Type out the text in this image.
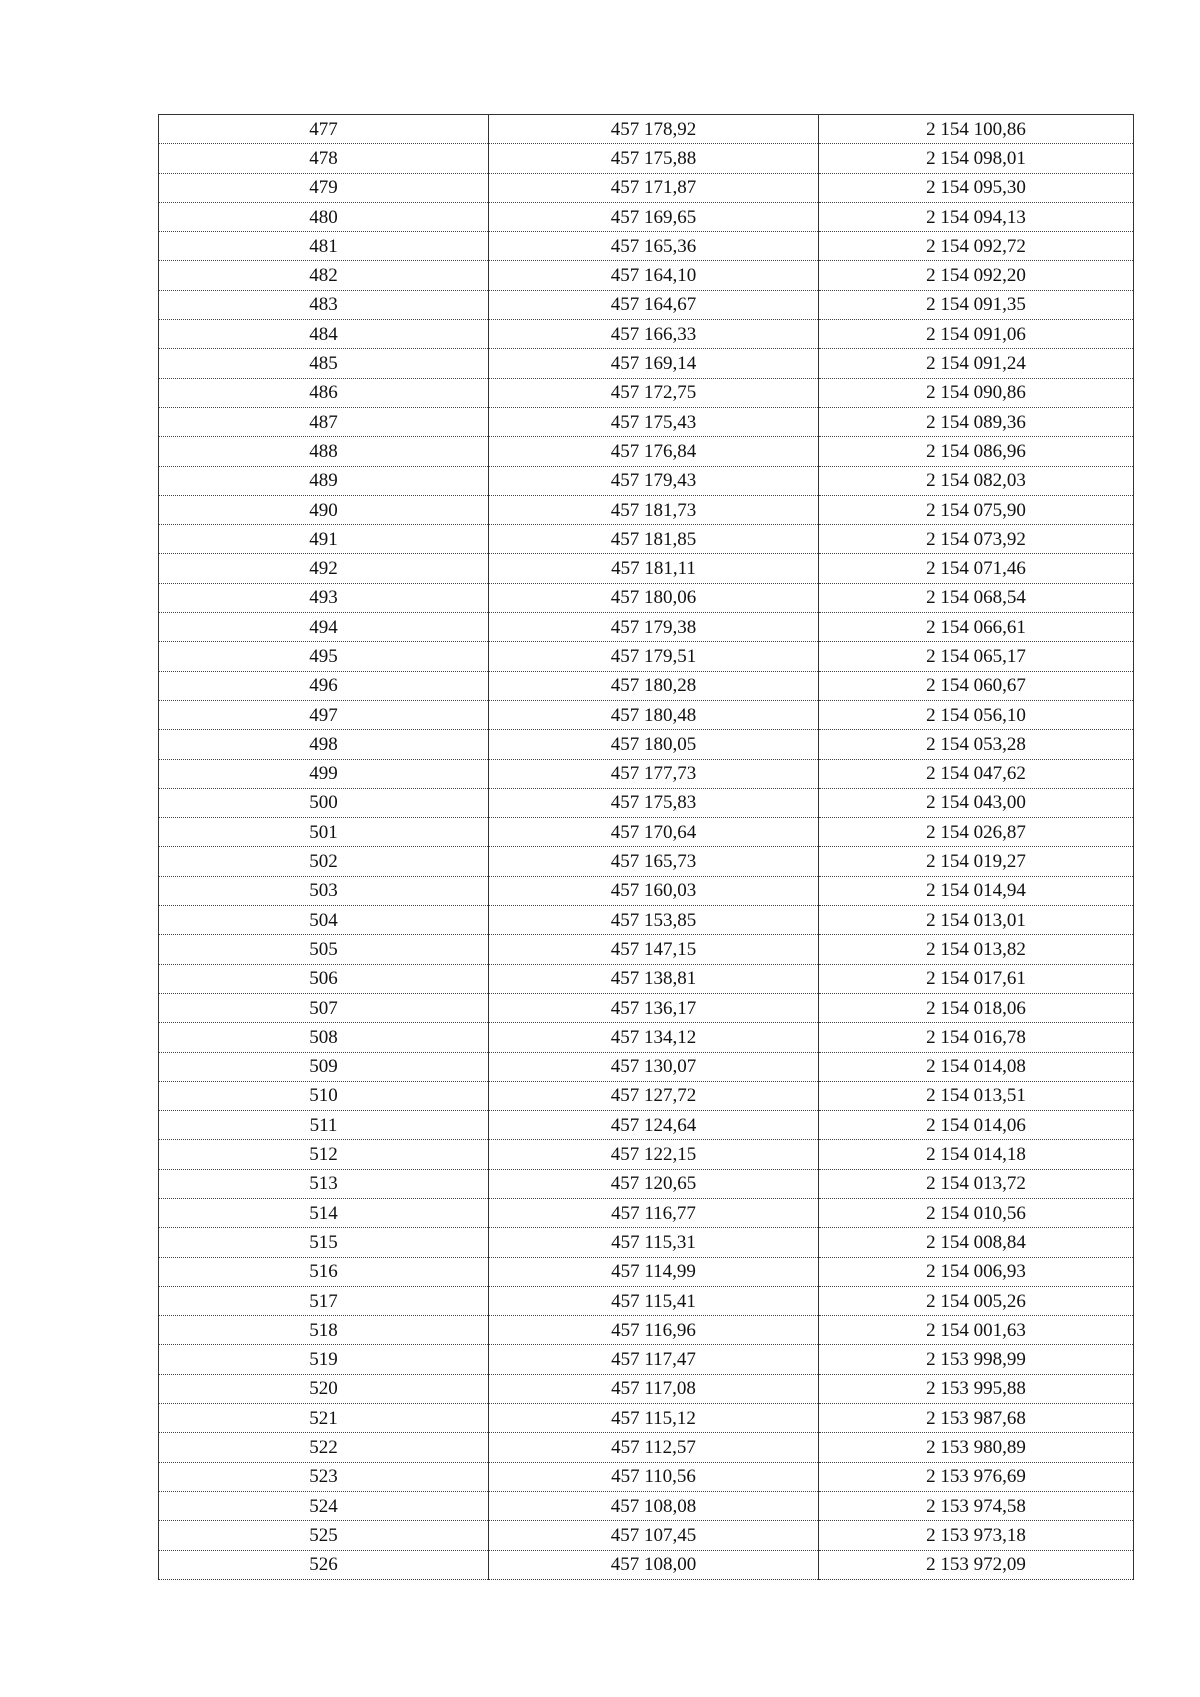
477	457 178,92	2 154 100,86
478	457 175,88	2 154 098,01
479	457 171,87	2 154 095,30
480	457 169,65	2 154 094,13
481	457 165,36	2 154 092,72
482	457 164,10	2 154 092,20
483	457 164,67	2 154 091,35
484	457 166,33	2 154 091,06
485	457 169,14	2 154 091,24
486	457 172,75	2 154 090,86
487	457 175,43	2 154 089,36
488	457 176,84	2 154 086,96
489	457 179,43	2 154 082,03
490	457 181,73	2 154 075,90
491	457 181,85	2 154 073,92
492	457 181,11	2 154 071,46
493	457 180,06	2 154 068,54
494	457 179,38	2 154 066,61
495	457 179,51	2 154 065,17
496	457 180,28	2 154 060,67
497	457 180,48	2 154 056,10
498	457 180,05	2 154 053,28
499	457 177,73	2 154 047,62
500	457 175,83	2 154 043,00
501	457 170,64	2 154 026,87
502	457 165,73	2 154 019,27
503	457 160,03	2 154 014,94
504	457 153,85	2 154 013,01
505	457 147,15	2 154 013,82
506	457 138,81	2 154 017,61
507	457 136,17	2 154 018,06
508	457 134,12	2 154 016,78
509	457 130,07	2 154 014,08
510	457 127,72	2 154 013,51
511	457 124,64	2 154 014,06
512	457 122,15	2 154 014,18
513	457 120,65	2 154 013,72
514	457 116,77	2 154 010,56
515	457 115,31	2 154 008,84
516	457 114,99	2 154 006,93
517	457 115,41	2 154 005,26
518	457 116,96	2 154 001,63
519	457 117,47	2 153 998,99
520	457 117,08	2 153 995,88
521	457 115,12	2 153 987,68
522	457 112,57	2 153 980,89
523	457 110,56	2 153 976,69
524	457 108,08	2 153 974,58
525	457 107,45	2 153 973,18
526	457 108,00	2 153 972,09
